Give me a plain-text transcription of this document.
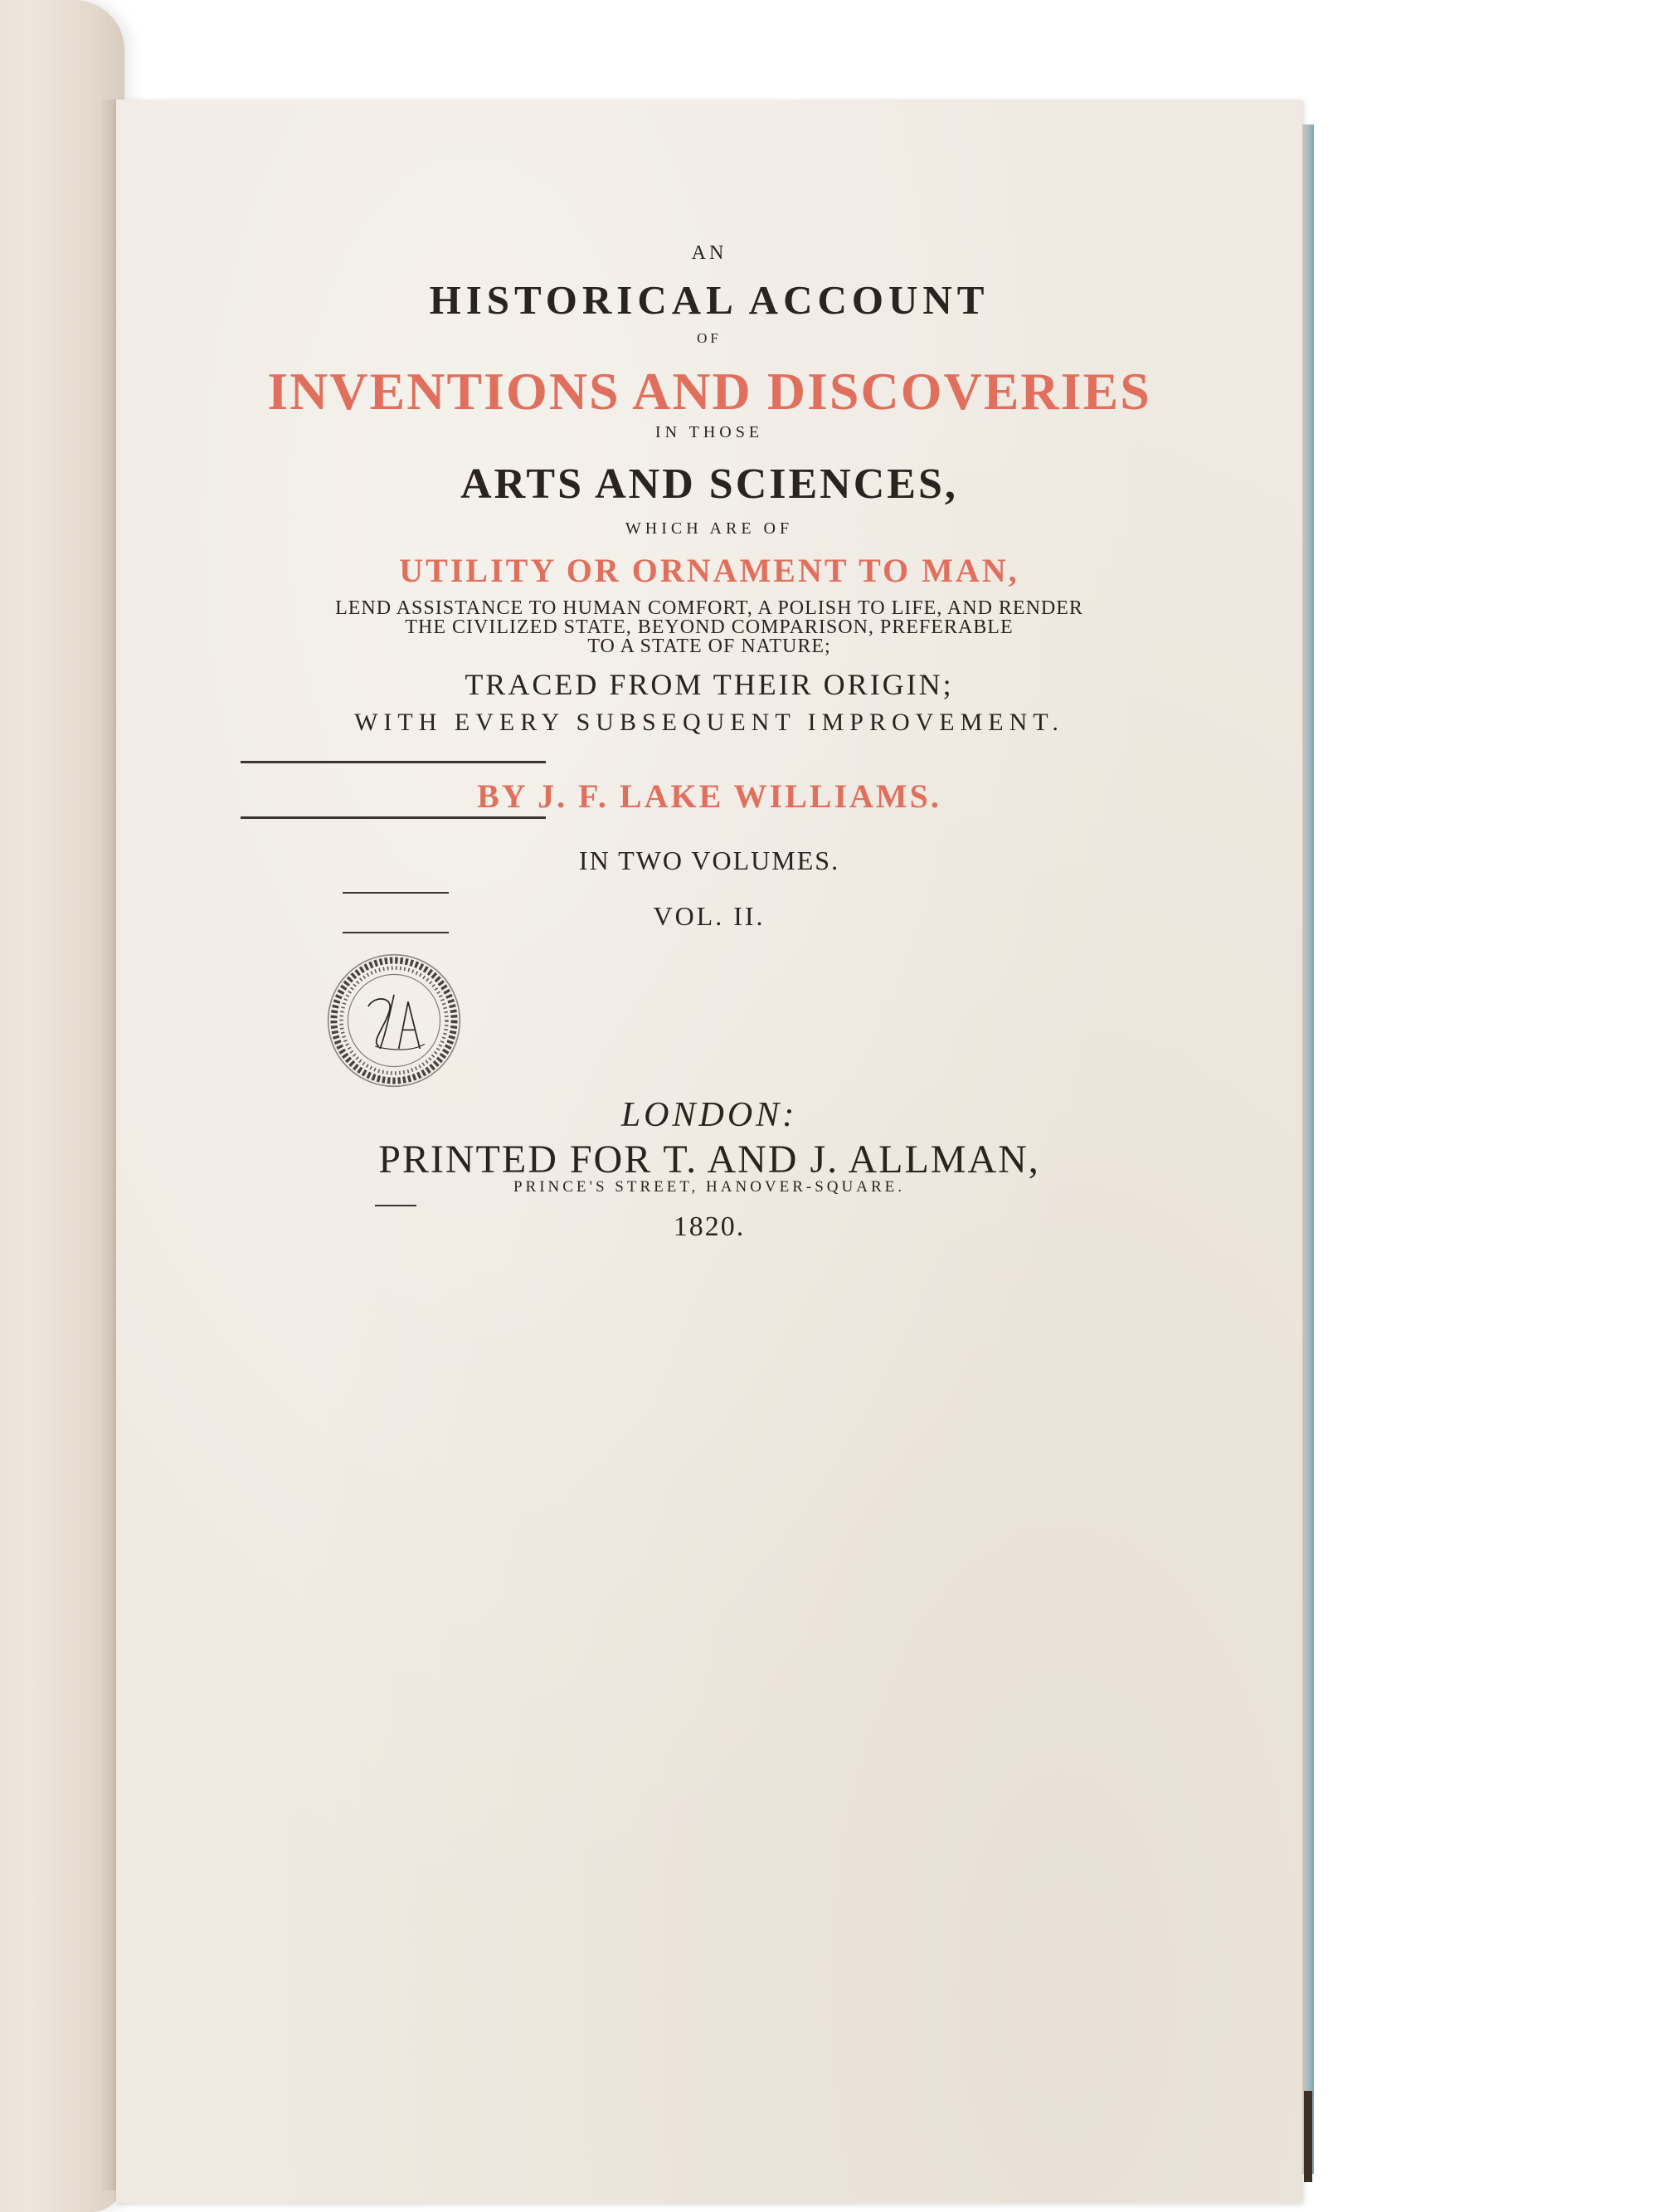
AN
HISTORICAL ACCOUNT
OF
INVENTIONS AND DISCOVERIES
IN THOSE
ARTS AND SCIENCES,
WHICH ARE OF
UTILITY OR ORNAMENT TO MAN,
LEND ASSISTANCE TO HUMAN COMFORT, A POLISH TO LIFE, AND RENDER
THE CIVILIZED STATE, BEYOND COMPARISON, PREFERABLE
TO A STATE OF NATURE;
TRACED FROM THEIR ORIGIN;
WITH EVERY SUBSEQUENT IMPROVEMENT.
BY J. F. LAKE WILLIAMS.
IN TWO VOLUMES.
VOL. II.
LONDON:
PRINTED FOR T. AND J. ALLMAN,
PRINCE'S STREET, HANOVER-SQUARE.
1820.
